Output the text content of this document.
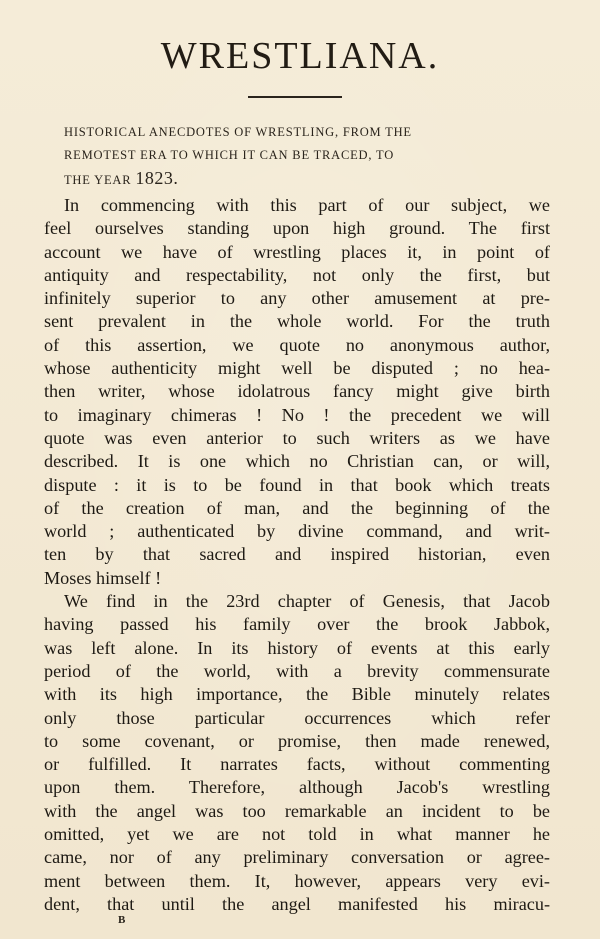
WRESTLIANA.
HISTORICAL ANECDOTES OF WRESTLING, FROM THE
REMOTEST ERA TO WHICH IT CAN BE TRACED, TO
THE YEAR 1823.
In commencing with this part of our subject, we
feel ourselves standing upon high ground. The first
account we have of wrestling places it, in point of
antiquity and respectability, not only the first, but
infinitely superior to any other amusement at pre-
sent prevalent in the whole world. For the truth
of this assertion, we quote no anonymous author,
whose authenticity might well be disputed ; no hea-
then writer, whose idolatrous fancy might give birth
to imaginary chimeras ! No ! the precedent we will
quote was even anterior to such writers as we have
described. It is one which no Christian can, or will,
dispute : it is to be found in that book which treats
of the creation of man, and the beginning of the
world ; authenticated by divine command, and writ-
ten by that sacred and inspired historian, even
Moses himself !
We find in the 23rd chapter of Genesis, that Jacob
having passed his family over the brook Jabbok,
was left alone. In its history of events at this early
period of the world, with a brevity commensurate
with its high importance, the Bible minutely relates
only those particular occurrences which refer
to some covenant, or promise, then made renewed,
or fulfilled. It narrates facts, without commenting
upon them. Therefore, although Jacob's wrestling
with the angel was too remarkable an incident to be
omitted, yet we are not told in what manner he
came, nor of any preliminary conversation or agree-
ment between them. It, however, appears very evi-
dent, that until the angel manifested his miracu-
B
